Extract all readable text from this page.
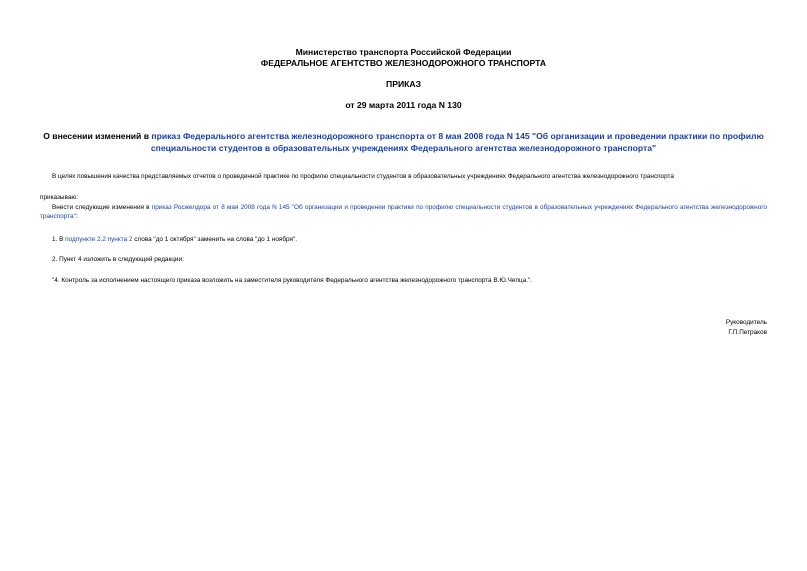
Министерство транспорта Российской Федерации
ФЕДЕРАЛЬНОЕ АГЕНТСТВО ЖЕЛЕЗНОДОРОЖНОГО ТРАНСПОРТА
ПРИКАЗ
от 29 марта 2011 года N 130
О внесении изменений в приказ Федерального агентства железнодорожного транспорта от 8 мая 2008 года N 145 "Об организации и проведении практики по профилю специальности студентов в образовательных учреждениях Федерального агентства железнодорожного транспорта"
В целях повышения качества представляемых отчетов о проведенной практике по профилю специальности студентов в образовательных учреждениях Федерального агентства железнодорожного транспорта
приказываю:
Внести следующие изменения в приказ Росжелдора от 8 мая 2008 года N 145 "Об организации и проведении практики по профилю специальности студентов в образовательных учреждениях Федерального агентства железнодорожного транспорта":
1. В подпункте 2.2 пункта 2 слова "до 1 октября" заменить на слова "до 1 ноября".
2. Пункт 4 изложить в следующей редакции:
"4. Контроль за исполнением настоящего приказа возложить на заместителя руководителя Федерального агентства железнодорожного транспорта В.Ю.Чепца.".
Руководитель
Г.П.Петраков
